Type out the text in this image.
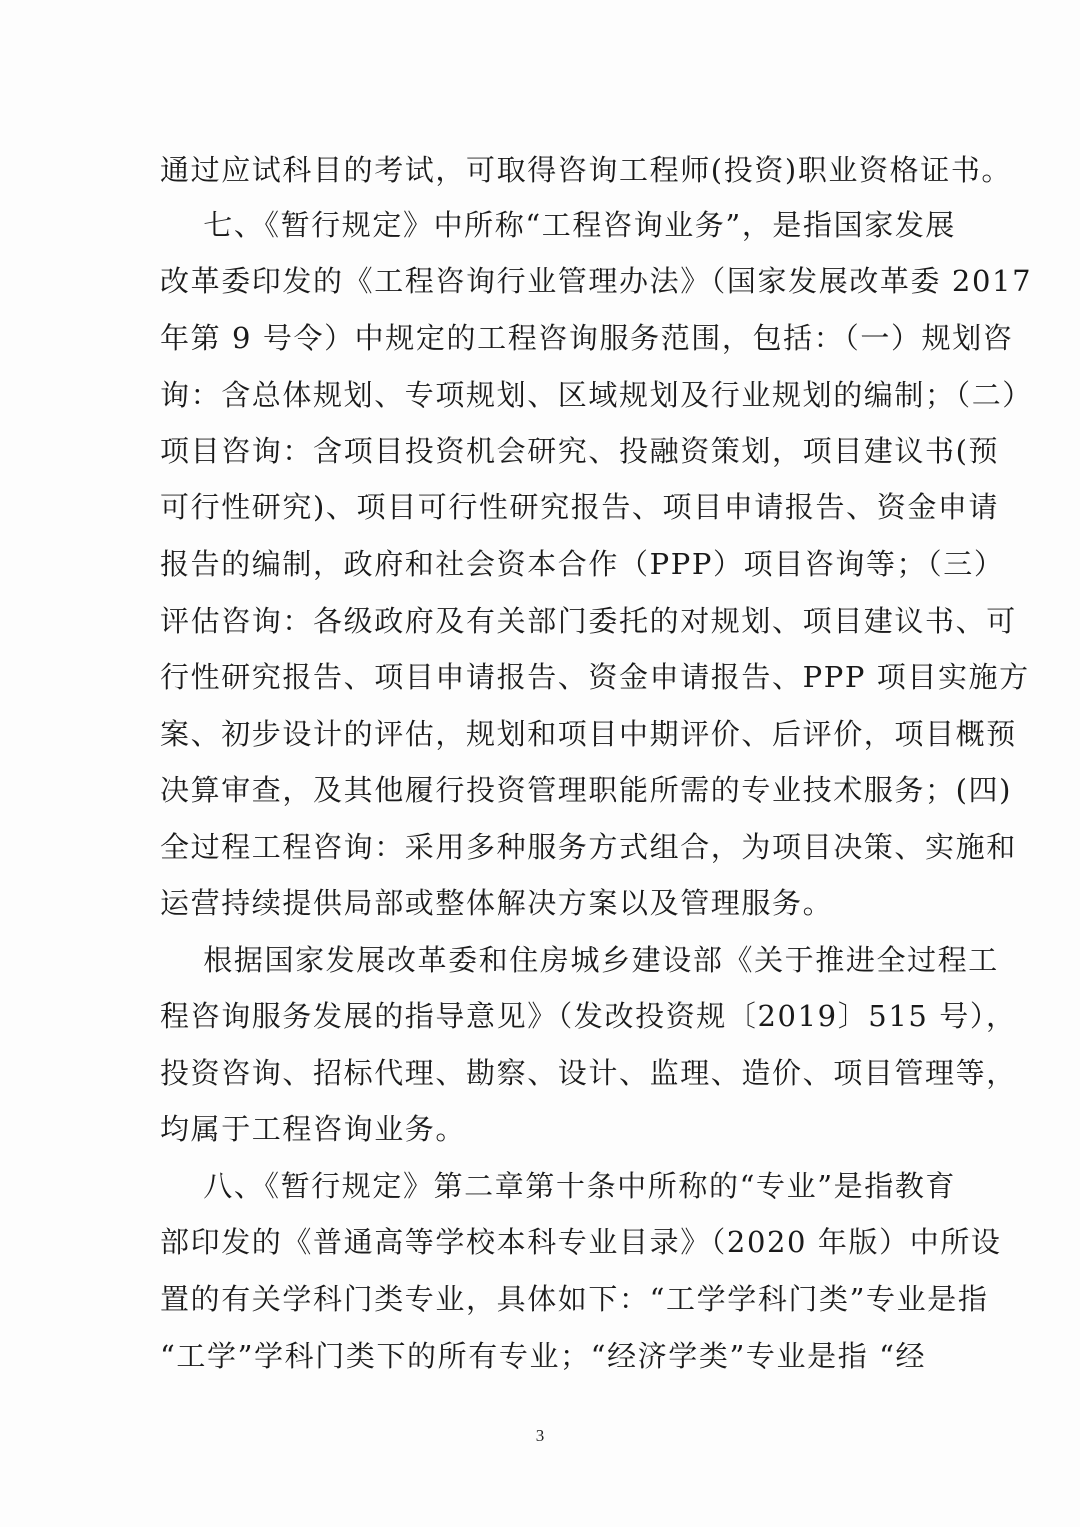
通过应试科目的考试，可取得咨询工程师(投资)职业资格证书。

七、《暂行规定》中所称“工程咨询业务”，是指国家发展

改革委印发的《工程咨询行业管理办法》（国家发展改革委 2017

年第 9 号令）中规定的工程咨询服务范围，包括：（一）规划咨

询：含总体规划、专项规划、区域规划及行业规划的编制；（二）

项目咨询：含项目投资机会研究、投融资策划，项目建议书(预

可行性研究)、项目可行性研究报告、项目申请报告、资金申请

报告的编制，政府和社会资本合作（PPP）项目咨询等；（三）

评估咨询：各级政府及有关部门委托的对规划、项目建议书、可

行性研究报告、项目申请报告、资金申请报告、PPP 项目实施方

案、初步设计的评估，规划和项目中期评价、后评价，项目概预

决算审查，及其他履行投资管理职能所需的专业技术服务；(四)

全过程工程咨询：采用多种服务方式组合，为项目决策、实施和

运营持续提供局部或整体解决方案以及管理服务。

根据国家发展改革委和住房城乡建设部《关于推进全过程工

程咨询服务发展的指导意见》（发改投资规〔2019〕515 号），

投资咨询、招标代理、勘察、设计、监理、造价、项目管理等，

均属于工程咨询业务。

八、《暂行规定》第二章第十条中所称的“专业”是指教育

部印发的《普通高等学校本科专业目录》（2020 年版）中所设

置的有关学科门类专业，具体如下：“工学学科门类”专业是指

“工学”学科门类下的所有专业；“经济学类”专业是指 “经

3
